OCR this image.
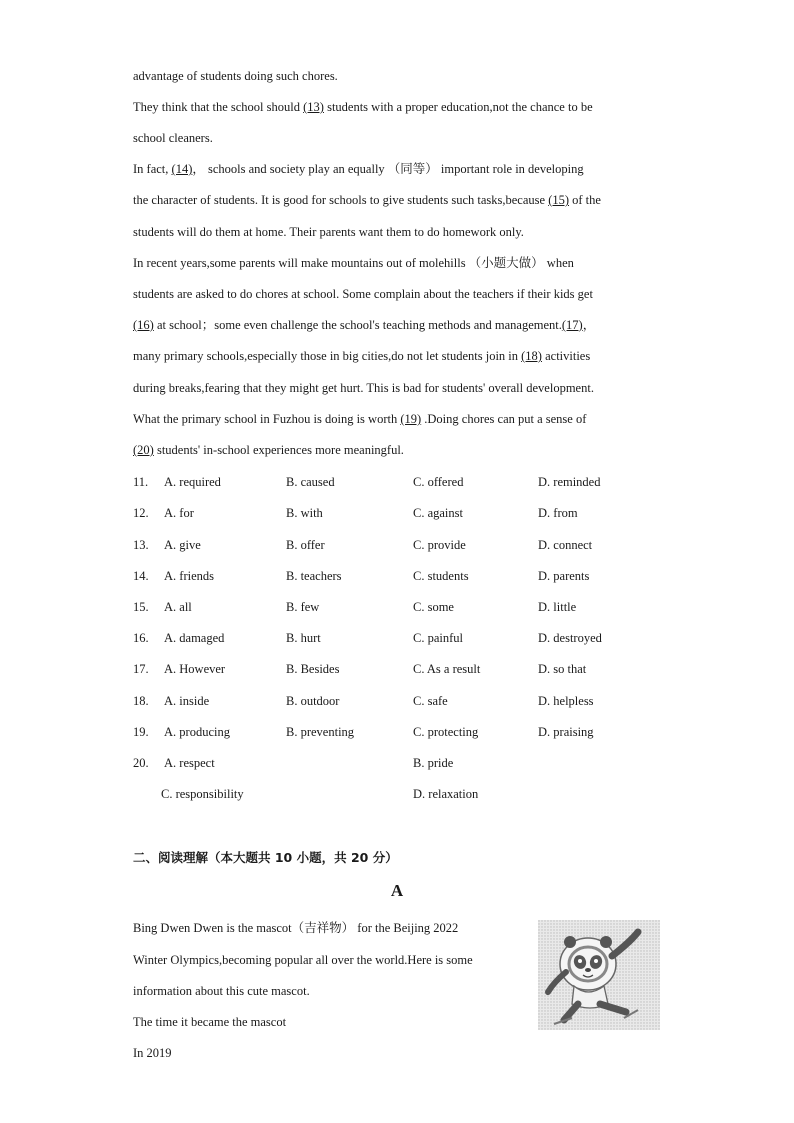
advantage of students doing such chores.
They think that the school should (13) students with a proper education,not the chance to be
school cleaners.
In fact, (14)， schools and society play an equally （同等） important role in developing
the character of students. It is good for schools to give students such tasks,because (15) of the
students will do them at home. Their parents want them to do homework only.
In recent years,some parents will make mountains out of molehills （小题大做） when
students are asked to do chores at school. Some complain about the teachers if their kids get
(16) at school；some even challenge the school's teaching methods and management.(17)，
many primary schools,especially those in big cities,do not let students join in (18) activities
during breaks,fearing that they might get hurt. This is bad for students' overall development.
What the primary school in Fuzhou is doing is worth (19) .Doing chores can put a sense of
(20) students' in-school experiences more meaningful.
11. A. required	B. caused	C. offered	D. reminded
12. A. for	B. with	C. against	D. from
13. A. give	B. offer	C. provide	D. connect
14. A. friends	B. teachers	C. students	D. parents
15. A. all	B. few	C. some	D. little
16. A. damaged	B. hurt	C. painful	D. destroyed
17. A. However	B. Besides	C. As a result	D. so that
18. A. inside	B. outdoor	C. safe	D. helpless
19. A. producing	B. preventing	C. protecting	D. praising
20. A. respect	B. pride
C. responsibility	D. relaxation
二、阅读理解（本大题共 10 小题，共 20 分）
A
Bing Dwen Dwen is the mascot（吉祥物） for the Beijing 2022
Winter Olympics,becoming popular all over the world.Here is some
information about this cute mascot.
The time it became the mascot
In 2019
